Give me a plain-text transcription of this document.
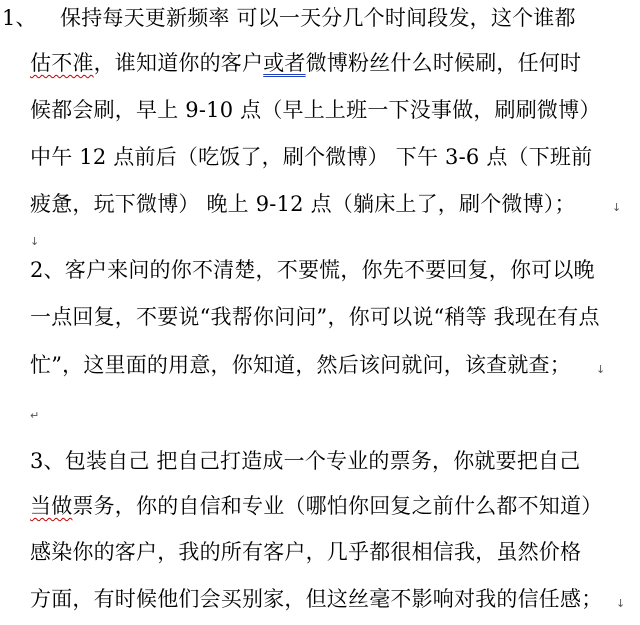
1、 保持每天更新频率 可以一天分几个时间段发，这个谁都
估不准，谁知道你的客户或者微博粉丝什么时候刷，任何时
候都会刷，早上 9-10 点（早上上班一下没事做，刷刷微博）
中午 12 点前后（吃饭了，刷个微博） 下午 3-6 点（下班前
疲惫，玩下微博） 晚上 9-12 点（躺床上了，刷个微博）；	↓
↓
2、客户来问的你不清楚，不要慌，你先不要回复，你可以晚
一点回复，不要说“我帮你问问”，你可以说“稍等 我现在有点
忙”，这里面的用意，你知道，然后该问就问，该查就查； ↓
↵
3、包装自己 把自己打造成一个专业的票务，你就要把自己
当做票务，你的自信和专业（哪怕你回复之前什么都不知道）
感染你的客户，我的所有客户，几乎都很相信我，虽然价格
方面，有时候他们会买别家，但这丝毫不影响对我的信任感； ↓
